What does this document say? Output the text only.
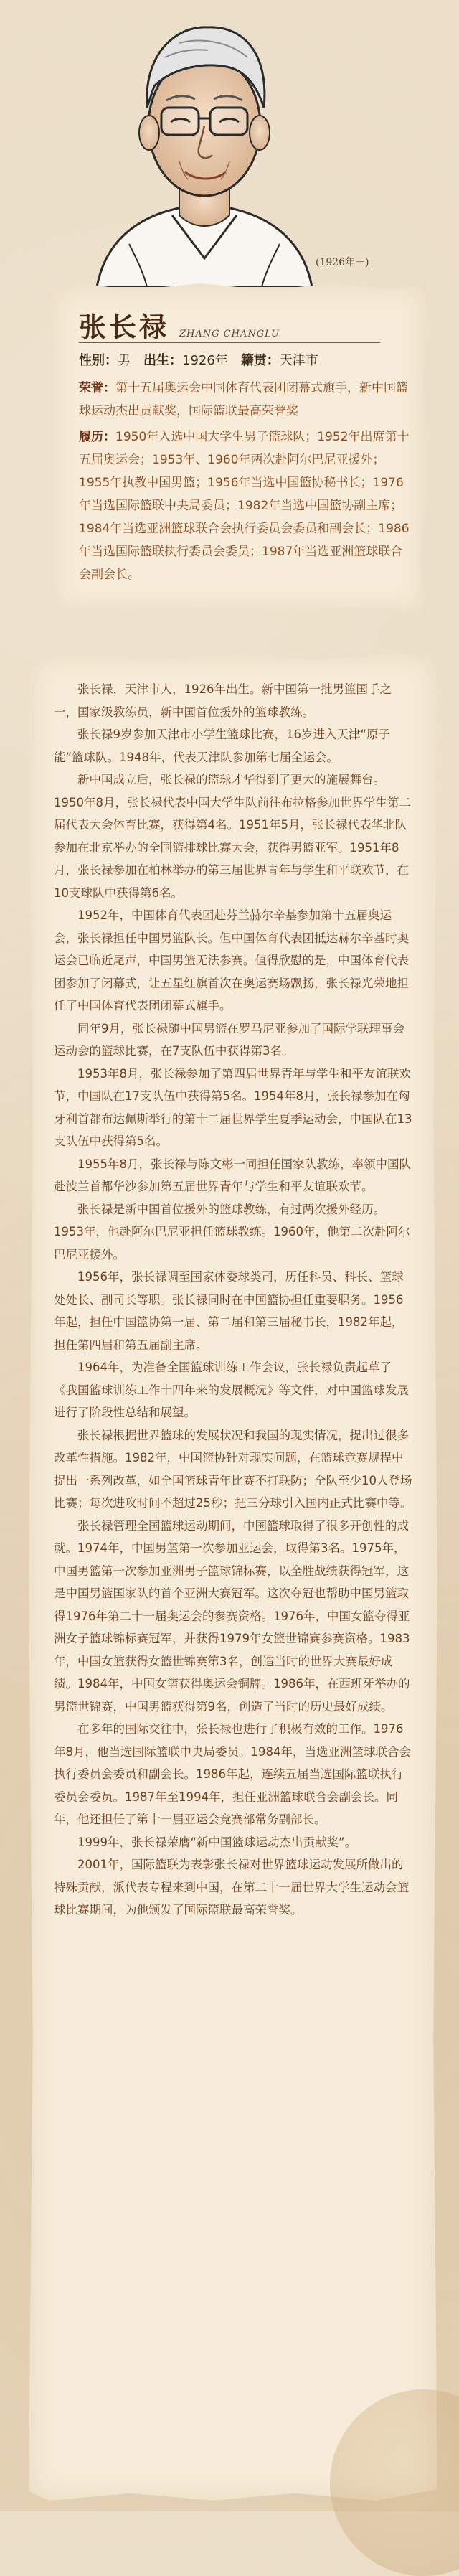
(1926年－)
张长禄 ZHANG CHANGLU
性别：男 出生：1926年 籍贯：天津市

荣誉：第十五届奥运会中国体育代表团闭幕式旗手，新中国篮球运动杰出贡献奖，国际篮联最高荣誉奖

履历：1950年入选中国大学生男子篮球队；1952年出席第十五届奥运会；1953年、1960年两次赴阿尔巴尼亚援外；1955年执教中国男篮；1956年当选中国篮协秘书长；1976年当选国际篮联中央局委员；1982年当选中国篮协副主席；1984年当选亚洲篮球联合会执行委员会委员和副会长；1986年当选国际篮联执行委员会委员；1987年当选亚洲篮球联合会副会长。

张长禄，天津市人，1926年出生。新中国第一批男篮国手之一，国家级教练员，新中国首位援外的篮球教练。

张长禄9岁参加天津市小学生篮球比赛，16岁进入天津“原子能”篮球队。1948年，代表天津队参加第七届全运会。

新中国成立后，张长禄的篮球才华得到了更大的施展舞台。1950年8月，张长禄代表中国大学生队前往布拉格参加世界学生第二届代表大会体育比赛，获得第4名。1951年5月，张长禄代表华北队参加在北京举办的全国篮排球比赛大会，获得男篮亚军。1951年8月，张长禄参加在柏林举办的第三届世界青年与学生和平联欢节，在10支球队中获得第6名。

1952年，中国体育代表团赴芬兰赫尔辛基参加第十五届奥运会，张长禄担任中国男篮队长。但中国体育代表团抵达赫尔辛基时奥运会已临近尾声，中国男篮无法参赛。值得欣慰的是，中国体育代表团参加了闭幕式，让五星红旗首次在奥运赛场飘扬，张长禄光荣地担任了中国体育代表团闭幕式旗手。

同年9月，张长禄随中国男篮在罗马尼亚参加了国际学联理事会运动会的篮球比赛，在7支队伍中获得第3名。

1953年8月，张长禄参加了第四届世界青年与学生和平友谊联欢节，中国队在17支队伍中获得第5名。1954年8月，张长禄参加在匈牙利首都布达佩斯举行的第十二届世界学生夏季运动会，中国队在13支队伍中获得第5名。

1955年8月，张长禄与陈文彬一同担任国家队教练，率领中国队赴波兰首都华沙参加第五届世界青年与学生和平友谊联欢节。

张长禄是新中国首位援外的篮球教练，有过两次援外经历。1953年，他赴阿尔巴尼亚担任篮球教练。1960年，他第二次赴阿尔巴尼亚援外。

1956年，张长禄调至国家体委球类司，历任科员、科长、篮球处处长、副司长等职。张长禄同时在中国篮协担任重要职务。1956年起，担任中国篮协第一届、第二届和第三届秘书长，1982年起，担任第四届和第五届副主席。

1964年，为准备全国篮球训练工作会议，张长禄负责起草了《我国篮球训练工作十四年来的发展概况》等文件，对中国篮球发展进行了阶段性总结和展望。

张长禄根据世界篮球的发展状况和我国的现实情况，提出过很多改革性措施。1982年，中国篮协针对现实问题，在篮球竞赛规程中提出一系列改革，如全国篮球青年比赛不打联防；全队至少10人登场比赛；每次进攻时间不超过25秒；把三分球引入国内正式比赛中等。

张长禄管理全国篮球运动期间，中国篮球取得了很多开创性的成就。1974年，中国男篮第一次参加亚运会，取得第3名。1975年，中国男篮第一次参加亚洲男子篮球锦标赛，以全胜战绩获得冠军，这是中国男篮国家队的首个亚洲大赛冠军。这次夺冠也帮助中国男篮取得1976年第二十一届奥运会的参赛资格。1976年，中国女篮夺得亚洲女子篮球锦标赛冠军，并获得1979年女篮世锦赛参赛资格。1983年，中国女篮获得女篮世锦赛第3名，创造当时的世界大赛最好成绩。1984年，中国女篮获得奥运会铜牌。1986年，在西班牙举办的男篮世锦赛，中国男篮获得第9名，创造了当时的历史最好成绩。

在多年的国际交往中，张长禄也进行了积极有效的工作。1976年8月，他当选国际篮联中央局委员。1984年，当选亚洲篮球联合会执行委员会委员和副会长。1986年起，连续五届当选国际篮联执行委员会委员。1987年至1994年，担任亚洲篮球联合会副会长。同年，他还担任了第十一届亚运会竞赛部常务副部长。

1999年，张长禄荣膺“新中国篮球运动杰出贡献奖”。

2001年，国际篮联为表彰张长禄对世界篮球运动发展所做出的特殊贡献，派代表专程来到中国，在第二十一届世界大学生运动会篮球比赛期间，为他颁发了国际篮联最高荣誉奖。
